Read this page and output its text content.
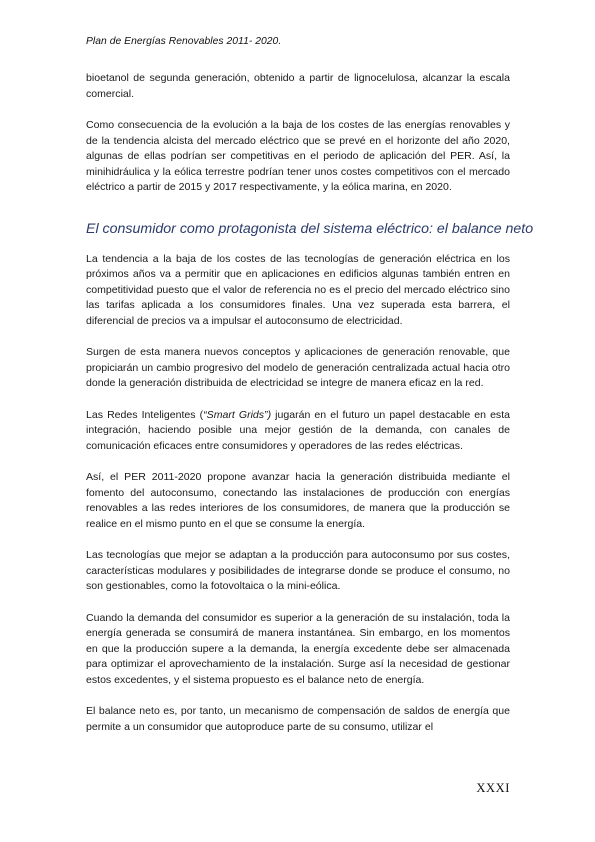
Plan de Energías Renovables 2011- 2020.

bioetanol de segunda generación, obtenido a partir de lignocelulosa, alcanzar la escala comercial.

Como consecuencia de la evolución a la baja de los costes de las energías renovables y de la tendencia alcista del mercado eléctrico que se prevé en el horizonte del año 2020, algunas de ellas podrían ser competitivas en el periodo de aplicación del PER. Así, la minihidráulica y la eólica terrestre podrían tener unos costes competitivos con el mercado eléctrico a partir de 2015 y 2017 respectivamente, y la eólica marina, en 2020.

El consumidor como protagonista del sistema eléctrico: el balance neto

La tendencia a la baja de los costes de las tecnologías de generación eléctrica en los próximos años va a permitir que en aplicaciones en edificios algunas también entren en competitividad puesto que el valor de referencia no es el precio del mercado eléctrico sino las tarifas aplicada a los consumidores finales. Una vez superada esta barrera, el diferencial de precios va a impulsar el autoconsumo de electricidad.

Surgen de esta manera nuevos conceptos y aplicaciones de generación renovable, que propiciarán un cambio progresivo del modelo de generación centralizada actual hacia otro donde la generación distribuida de electricidad se integre de manera eficaz en la red.

Las Redes Inteligentes (“Smart Grids”) jugarán en el futuro un papel destacable en esta integración, haciendo posible una mejor gestión de la demanda, con canales de comunicación eficaces entre consumidores y operadores de las redes eléctricas.

Así, el PER 2011-2020 propone avanzar hacia la generación distribuida mediante el fomento del autoconsumo, conectando las instalaciones de producción con energías renovables a las redes interiores de los consumidores, de manera que la producción se realice en el mismo punto en el que se consume la energía.

Las tecnologías que mejor se adaptan a la producción para autoconsumo por sus costes, características modulares y posibilidades de integrarse donde se produce el consumo, no son gestionables, como la fotovoltaica o la mini-eólica.

Cuando la demanda del consumidor es superior a la generación de su instalación, toda la energía generada se consumirá de manera instantánea. Sin embargo, en los momentos en que la producción supere a la demanda, la energía excedente debe ser almacenada para optimizar el aprovechamiento de la instalación. Surge así la necesidad de gestionar estos excedentes, y el sistema propuesto es el balance neto de energía.

El balance neto es, por tanto, un mecanismo de compensación de saldos de energía que permite a un consumidor que autoproduce parte de su consumo, utilizar el

XXXI
